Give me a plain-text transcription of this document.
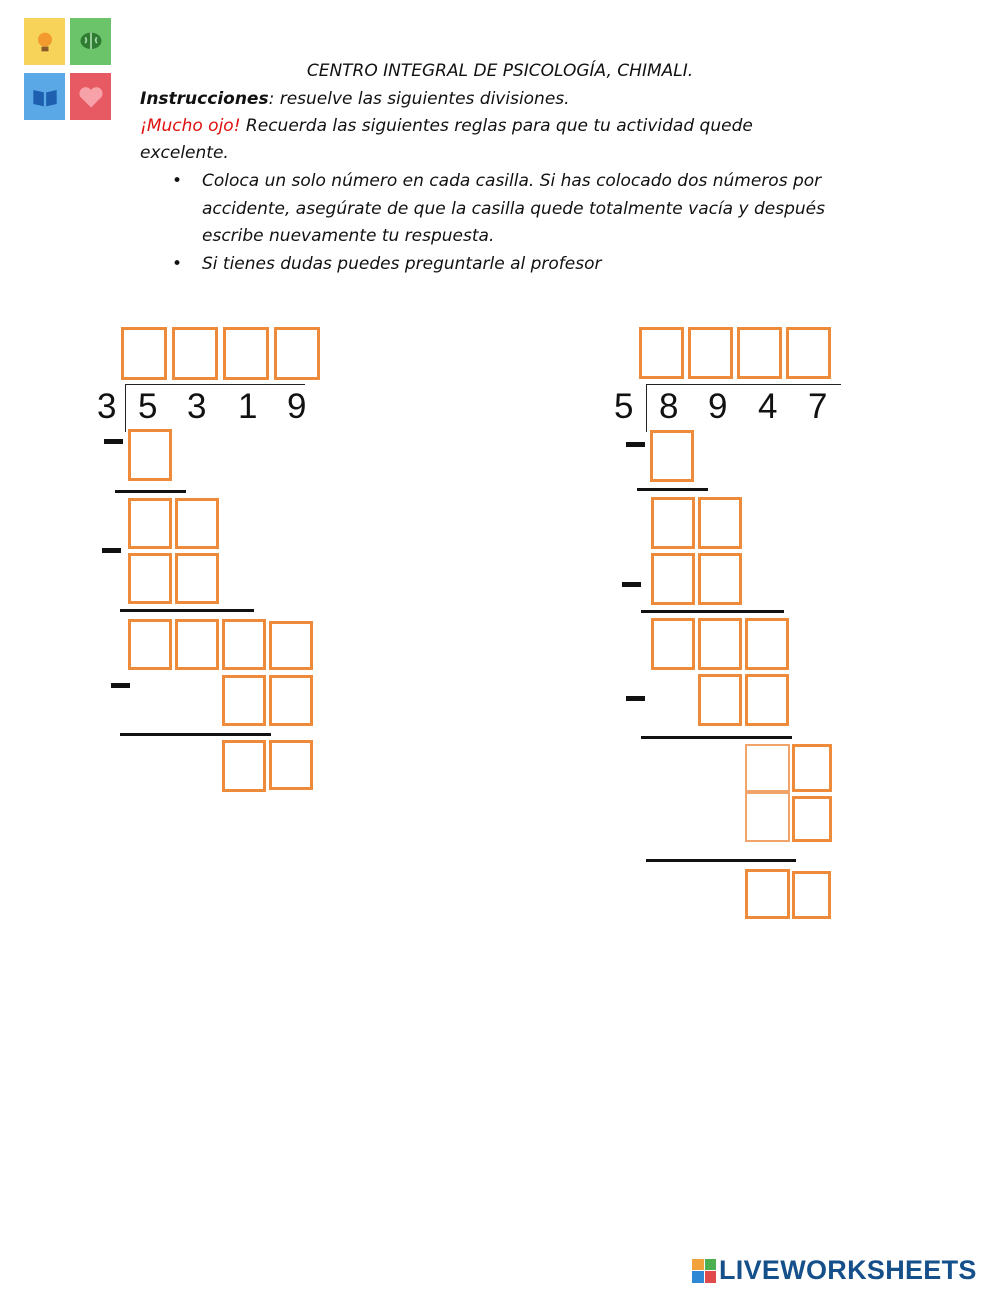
CENTRO INTEGRAL DE PSICOLOGÍA, CHIMALI.
Instrucciones: resuelve las siguientes divisiones.
¡Mucho ojo! Recuerda las siguientes reglas para que tu actividad quede
excelente.
• Coloca un solo número en cada casilla. Si has colocado dos números por accidente, asegúrate de que la casilla quede totalmente vacía y después escribe nuevamente tu respuesta.
• Si tienes dudas puedes preguntarle al profesor
3 5 3 1 9	5 8 9 4 7
LIVEWORKSHEETS
